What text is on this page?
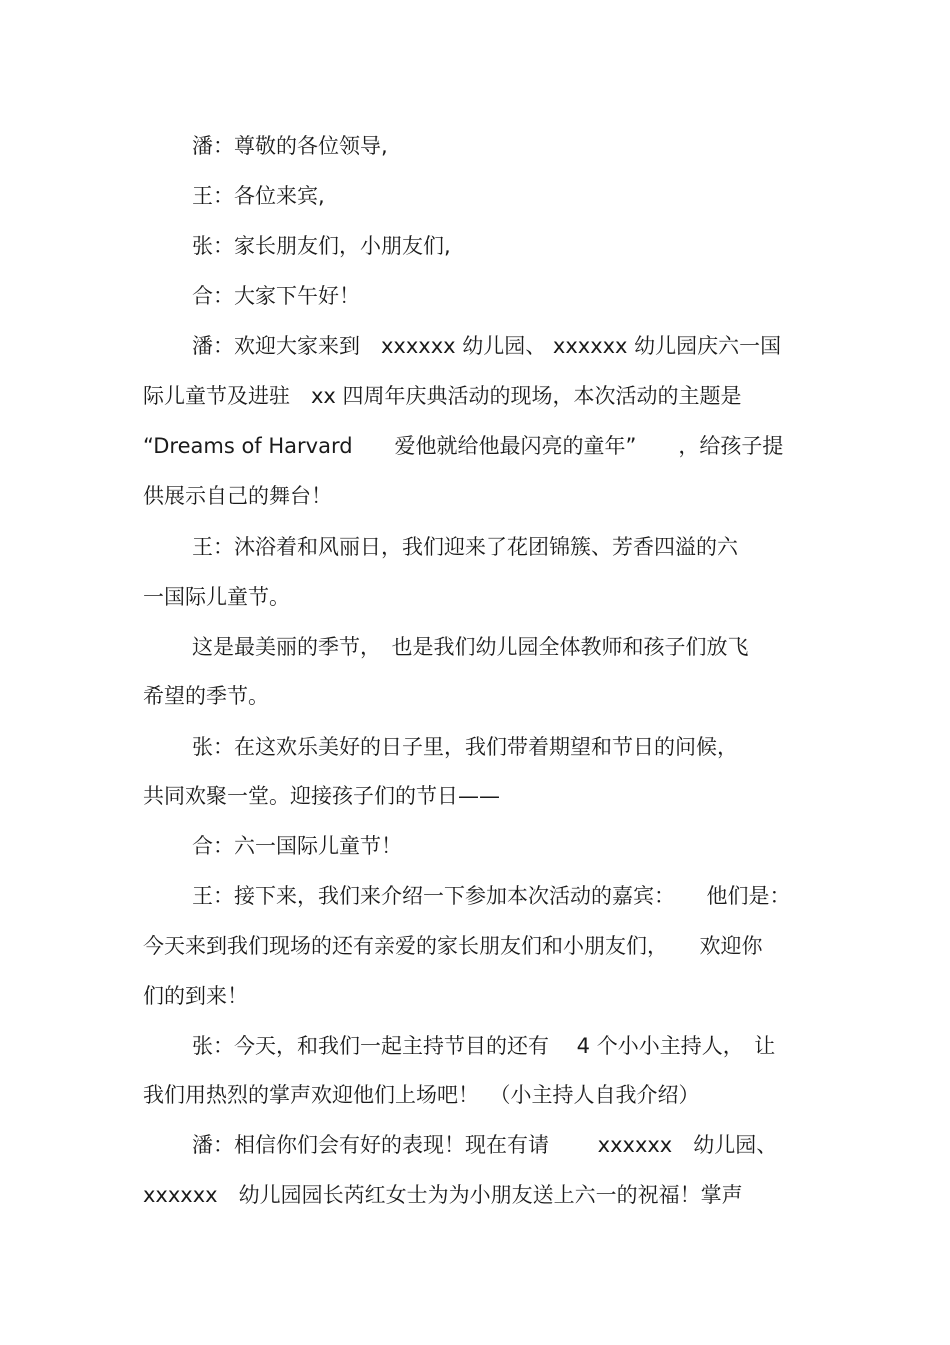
潘：尊敬的各位领导,
王：各位来宾,
张：家长朋友们，小朋友们,
合：大家下午好！
潘：欢迎大家来到　xxxxxx 幼儿园、 xxxxxx 幼儿园庆六一国
际儿童节及进驻　xx 四周年庆典活动的现场，本次活动的主题是
“Dreams of Harvard　　爱他就给他最闪亮的童年”　　，给孩子提
供展示自己的舞台！
王：沐浴着和风丽日，我们迎来了花团锦簇、芳香四溢的六
一国际儿童节。
这是最美丽的季节，　也是我们幼儿园全体教师和孩子们放飞
希望的季节。
张：在这欢乐美好的日子里，我们带着期望和节日的问候，
共同欢聚一堂。迎接孩子们的节日——
合：六一国际儿童节！
王：接下来，我们来介绍一下参加本次活动的嘉宾：　　他们是：
今天来到我们现场的还有亲爱的家长朋友们和小朋友们，　　欢迎你
们的到来！
张：今天，和我们一起主持节目的还有　 4 个小小主持人，　让
我们用热烈的掌声欢迎他们上场吧！　（小主持人自我介绍）
潘：相信你们会有好的表现！现在有请　　 xxxxxx　幼儿园、
xxxxxx　幼儿园园长芮红女士为为小朋友送上六一的祝福！掌声
